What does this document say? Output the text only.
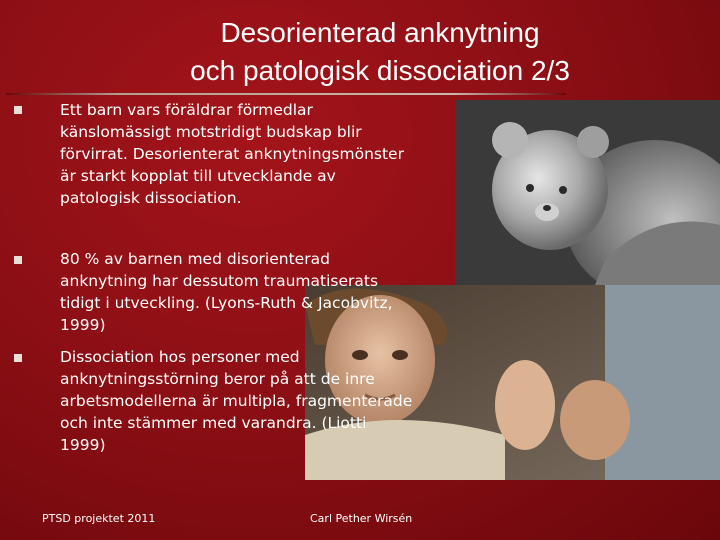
Desorienterad anknytning
och patologisk dissociation 2/3
Ett barn vars föräldrar förmedlar
känslomässigt motstridigt budskap blir
förvirrat. Desorienterat anknytningsmönster
är starkt kopplat till utvecklande av
patologisk dissociation.
80 % av barnen med disorienterad
anknytning har dessutom traumatiserats
tidigt i utveckling. (Lyons-Ruth & Jacobvitz,
1999)
Dissociation hos personer med
anknytningsstörning beror på att de inre
arbetsmodellerna är multipla, fragmenterade
och inte stämmer med varandra. (Liotti
1999)
PTSD projektet 2011	Carl Pether Wirsén
